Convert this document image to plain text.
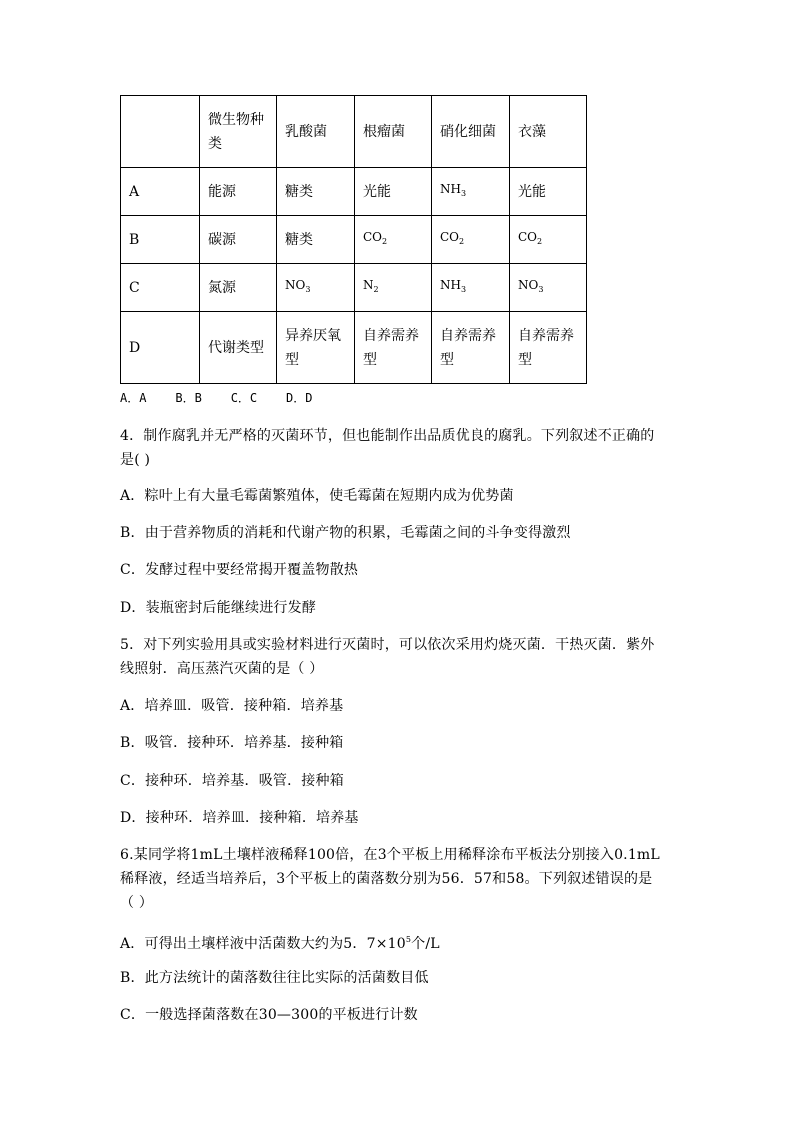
	微生物种类	乳酸菌	根瘤菌	硝化细菌	衣藻
A	能源	糖类	光能	$NH_3$	光能
B	碳源	糖类	$CO_2$	$CO_2$	$CO_2$
C	氮源	$NO_3$	$N_2$	$NH_3$	$NO_3$
D	代谢类型	异养厌氧型	自养需养型	自养需养型	自养需养型
A．A    B．B    C．C    D．D
4．制作腐乳并无严格的灭菌环节，但也能制作出品质优良的腐乳。下列叙述不正确的
是( )
A．粽叶上有大量毛霉菌繁殖体，使毛霉菌在短期内成为优势菌
B．由于营养物质的消耗和代谢产物的积累，毛霉菌之间的斗争变得激烈
C．发酵过程中要经常揭开覆盖物散热
D．装瓶密封后能继续进行发酵
5．对下列实验用具或实验材料进行灭菌时，可以依次采用灼烧灭菌．干热灭菌．紫外
线照射．高压蒸汽灭菌的是（ ）
A．培养皿．吸管．接种箱．培养基
B．吸管．接种环．培养基．接种箱
C．接种环．培养基．吸管．接种箱
D．接种环．培养皿．接种箱．培养基
6.某同学将1mL土壤样液稀释100倍，在3个平板上用稀释涂布平板法分别接入0.1mL
稀释液，经适当培养后，3个平板上的菌落数分别为56．57和58。下列叙述错误的是
（ ）
A．可得出土壤样液中活菌数大约为5．$7\times 10^5$个/L
B．此方法统计的菌落数往往比实际的活菌数目低
C．一般选择菌落数在30—300的平板进行计数
